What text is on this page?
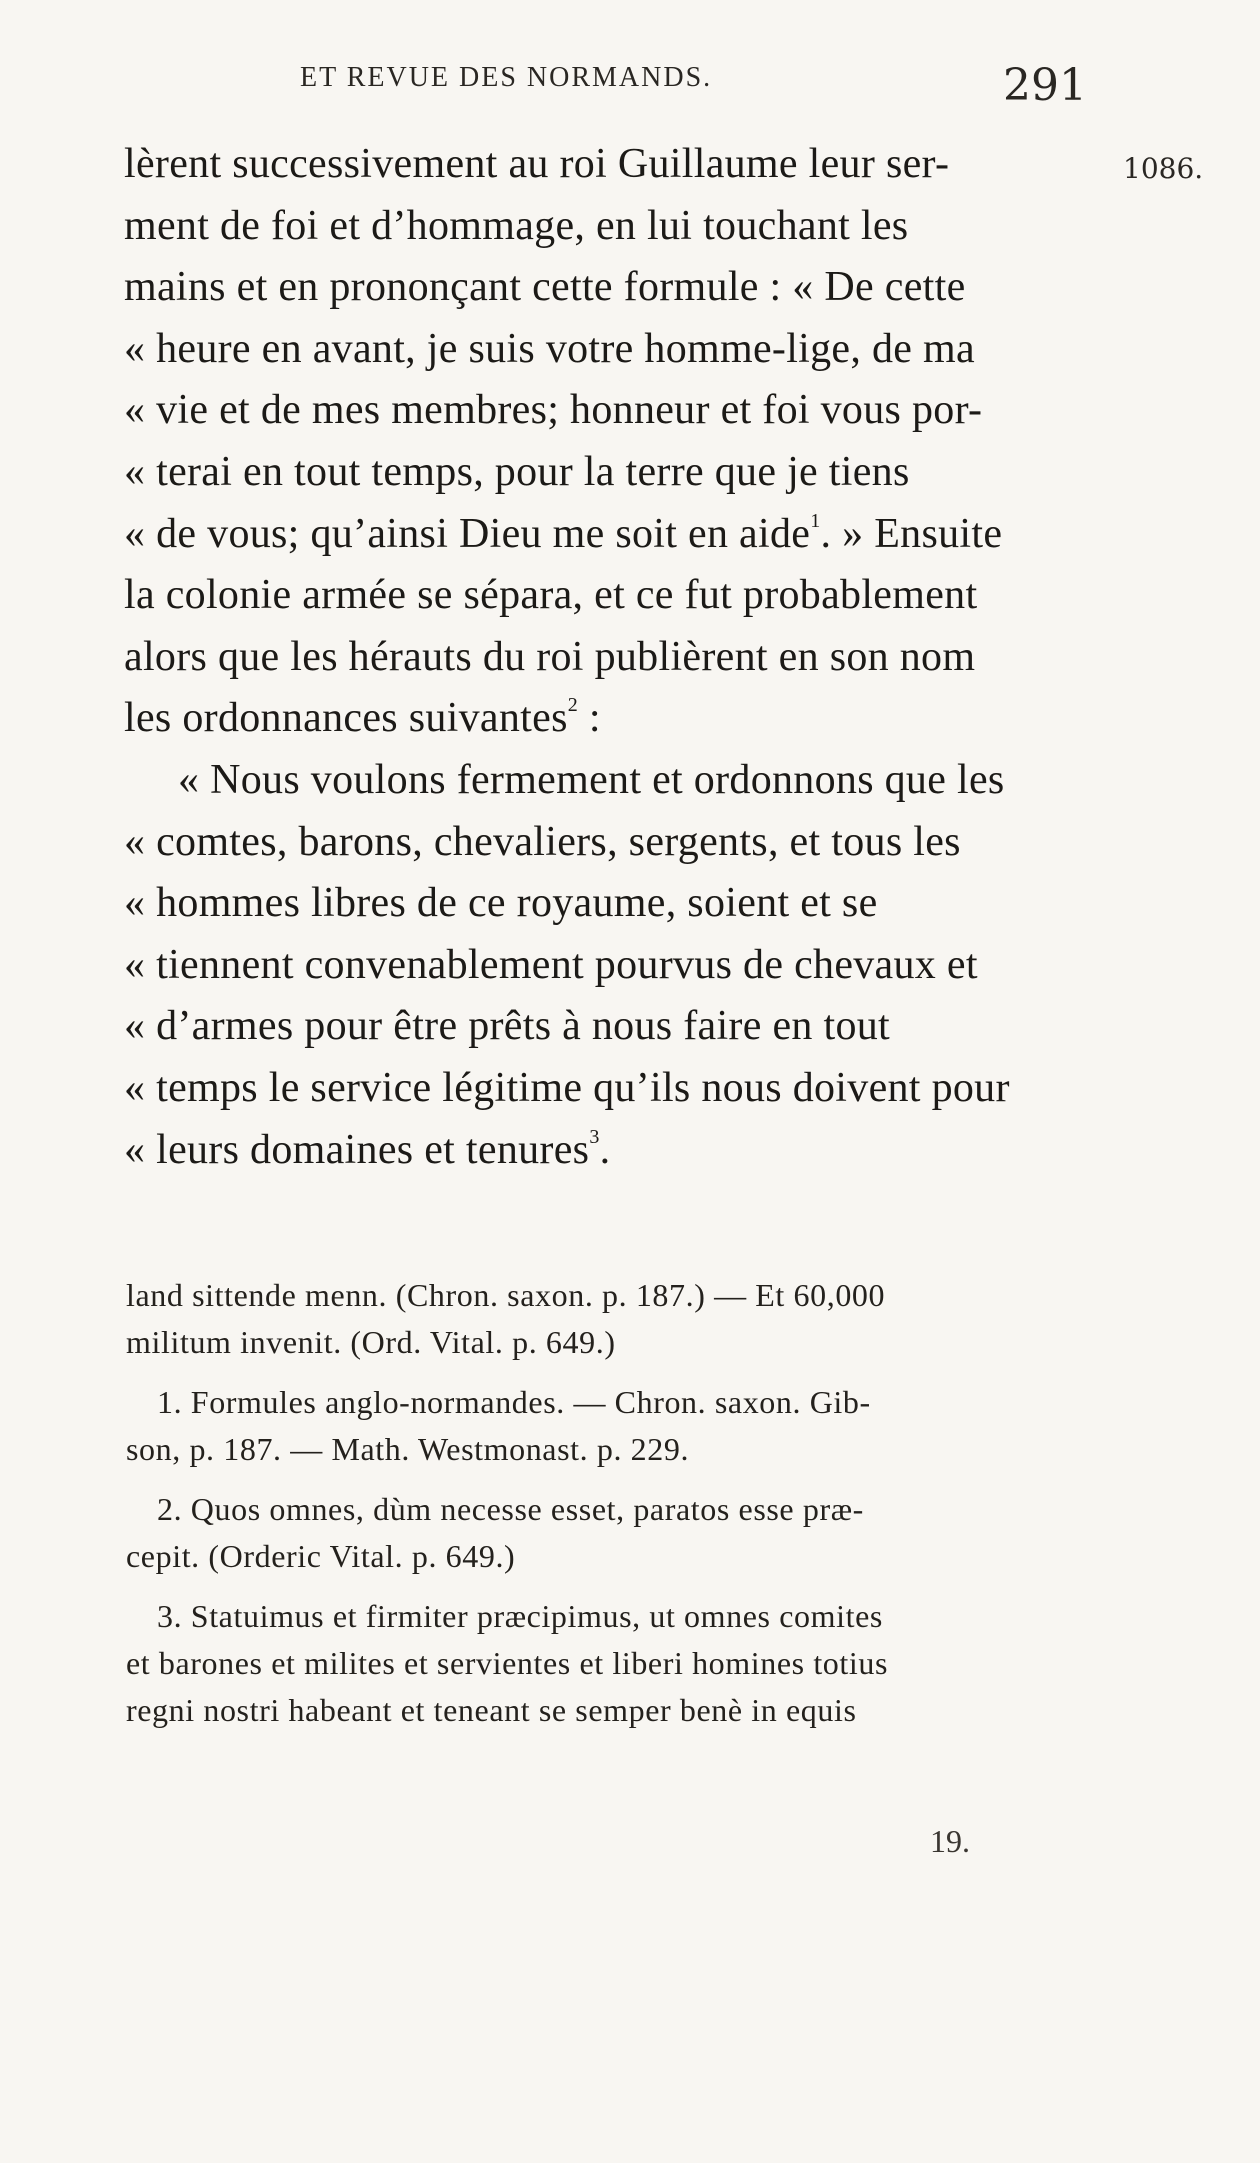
ET REVUE DES NORMANDS.	291
1086.
lèrent successivement au roi Guillaume leur ser-
ment de foi et d’hommage, en lui touchant les
mains et en prononçant cette formule : « De cette
« heure en avant, je suis votre homme-lige, de ma
« vie et de mes membres; honneur et foi vous por-
« terai en tout temps, pour la terre que je tiens
« de vous; qu’ainsi Dieu me soit en aide$^1$. » Ensuite
la colonie armée se sépara, et ce fut probablement
alors que les hérauts du roi publièrent en son nom
les ordonnances suivantes$^2$ :
« Nous voulons fermement et ordonnons que les
« comtes, barons, chevaliers, sergents, et tous les
« hommes libres de ce royaume, soient et se
« tiennent convenablement pourvus de chevaux et
« d’armes pour être prêts à nous faire en tout
« temps le service légitime qu’ils nous doivent pour
« leurs domaines et tenures$^3$.
land sittende menn. (Chron. saxon. p. 187.) — Et 60,000
militum invenit. (Ord. Vital. p. 649.)
1. Formules anglo-normandes. — Chron. saxon. Gib-
son, p. 187. — Math. Westmonast. p. 229.
2. Quos omnes, dùm necesse esset, paratos esse præ-
cepit. (Orderic Vital. p. 649.)
3. Statuimus et firmiter præcipimus, ut omnes comites
et barones et milites et servientes et liberi homines totius
regni nostri habeant et teneant se semper benè in equis
19.
